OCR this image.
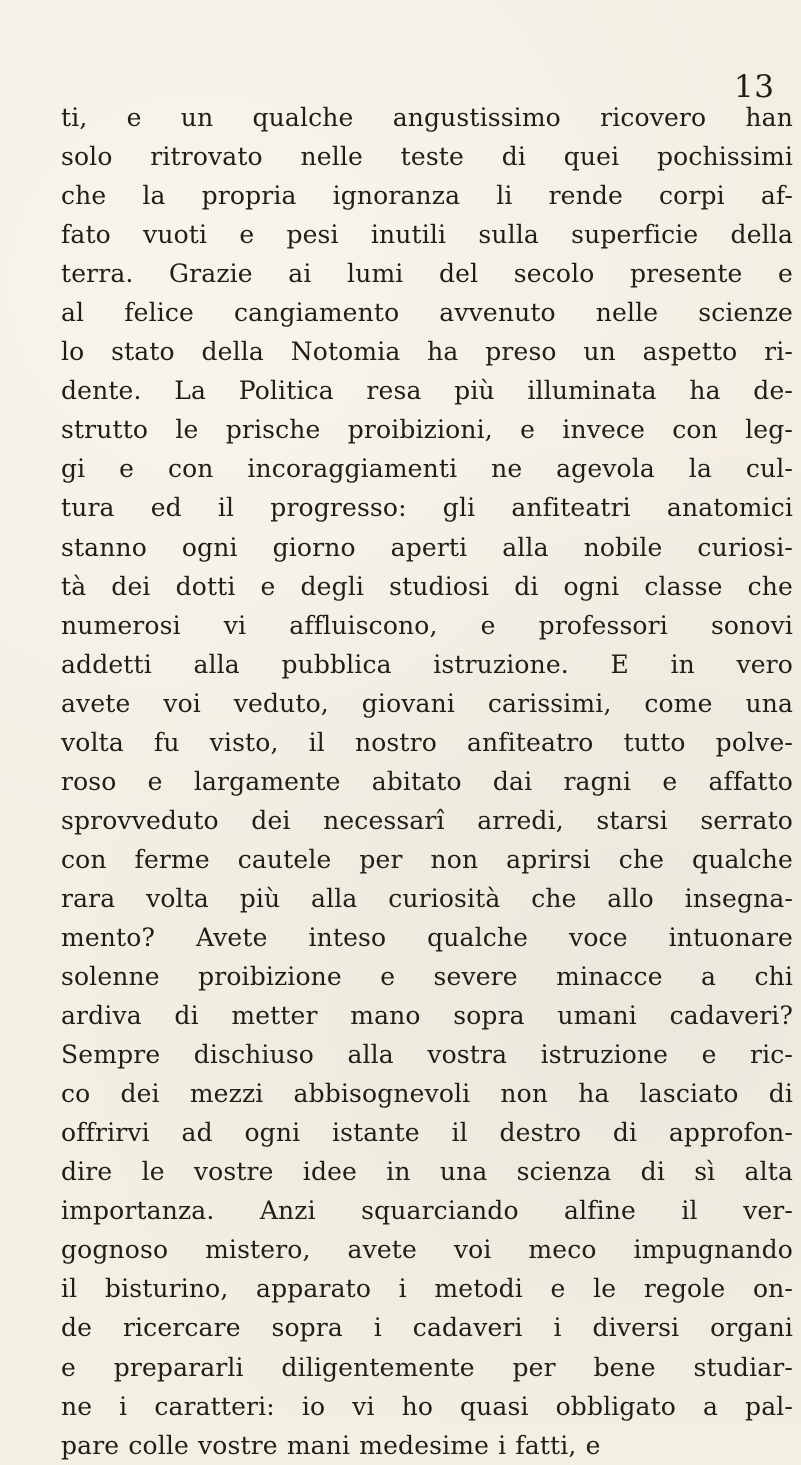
13
ti, e un qualche angustissimo ricovero han
solo ritrovato nelle teste di quei pochissimi
che la propria ignoranza li rende corpi af-
fato vuoti e pesi inutili sulla superficie della
terra. Grazie ai lumi del secolo presente e
al felice cangiamento avvenuto nelle scienze
lo stato della Notomia ha preso un aspetto ri-
dente. La Politica resa più illuminata ha de-
strutto le prische proibizioni, e invece con leg-
gi e con incoraggiamenti ne agevola la cul-
tura ed il progresso: gli anfiteatri anatomici
stanno ogni giorno aperti alla nobile curiosi-
tà dei dotti e degli studiosi di ogni classe che
numerosi vi affluiscono, e professori sonovi
addetti alla pubblica istruzione. E in vero
avete voi veduto, giovani carissimi, come una
volta fu visto, il nostro anfiteatro tutto polve-
roso e largamente abitato dai ragni e affatto
sprovveduto dei necessarî arredi, starsi serrato
con ferme cautele per non aprirsi che qualche
rara volta più alla curiosità che allo insegna-
mento? Avete inteso qualche voce intuonare
solenne proibizione e severe minacce a chi
ardiva di metter mano sopra umani cadaveri?
Sempre dischiuso alla vostra istruzione e ric-
co dei mezzi abbisognevoli non ha lasciato di
offrirvi ad ogni istante il destro di approfon-
dire le vostre idee in una scienza di sì alta
importanza. Anzi squarciando alfine il ver-
gognoso mistero, avete voi meco impugnando
il bisturino, apparato i metodi e le regole on-
de ricercare sopra i cadaveri i diversi organi
e prepararli diligentemente per bene studiar-
ne i caratteri: io vi ho quasi obbligato a pal-
pare colle vostre mani medesime i fatti, e
